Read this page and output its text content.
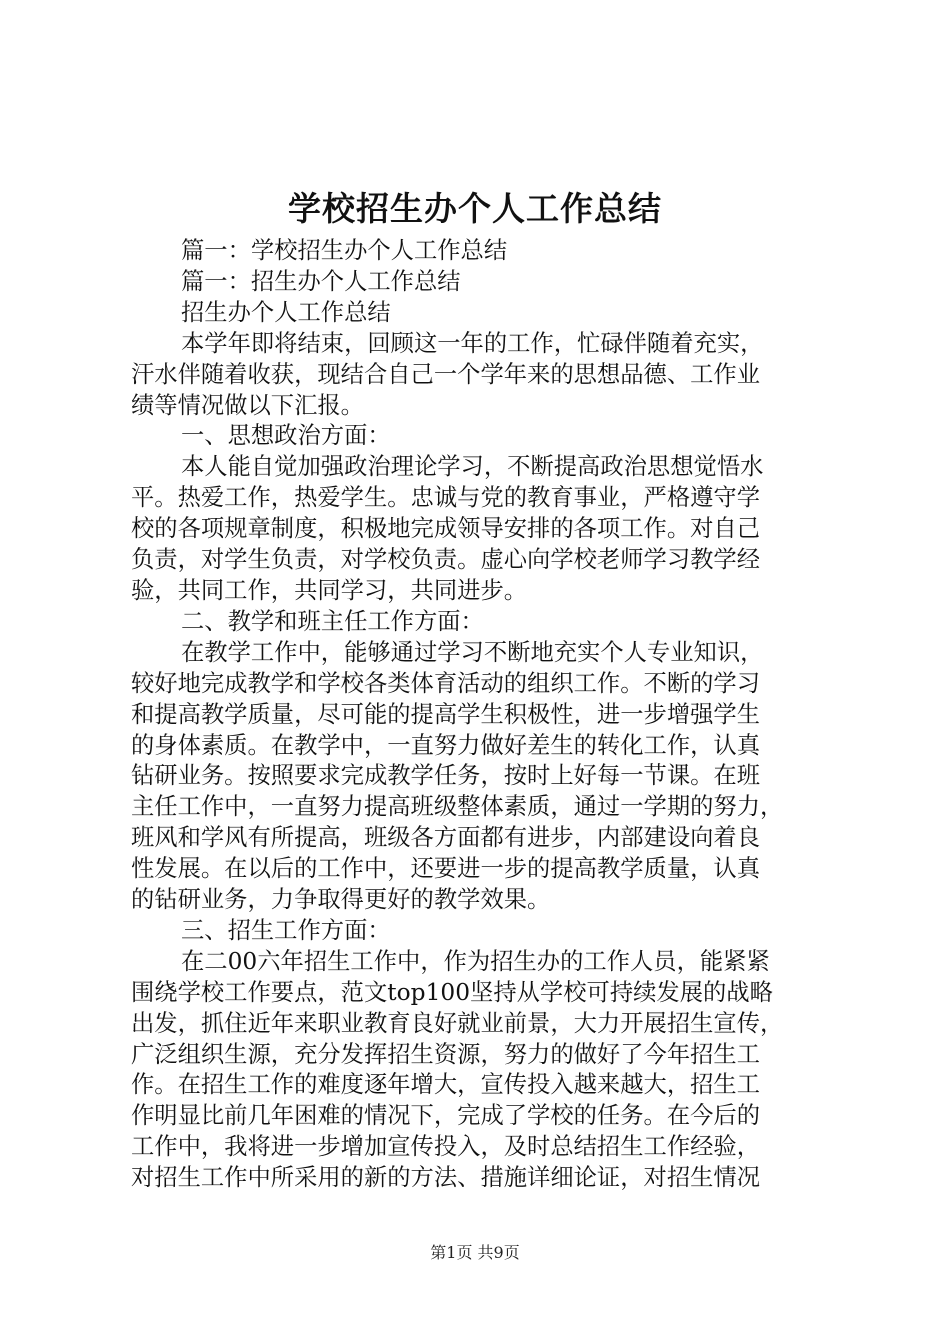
学校招生办个人工作总结

篇一：学校招生办个人工作总结

篇一：招生办个人工作总结

招生办个人工作总结

本学年即将结束，回顾这一年的工作，忙碌伴随着充实，

汗水伴随着收获，现结合自己一个学年来的思想品德、工作业

绩等情况做以下汇报。

一、思想政治方面：

本人能自觉加强政治理论学习，不断提高政治思想觉悟水

平。热爱工作，热爱学生。忠诚与党的教育事业，严格遵守学

校的各项规章制度，积极地完成领导安排的各项工作。对自己

负责，对学生负责，对学校负责。虚心向学校老师学习教学经

验，共同工作，共同学习，共同进步。

二、教学和班主任工作方面：

在教学工作中，能够通过学习不断地充实个人专业知识，

较好地完成教学和学校各类体育活动的组织工作。不断的学习

和提高教学质量，尽可能的提高学生积极性，进一步增强学生

的身体素质。在教学中，一直努力做好差生的转化工作，认真

钻研业务。按照要求完成教学任务，按时上好每一节课。在班

主任工作中，一直努力提高班级整体素质，通过一学期的努力，

班风和学风有所提高，班级各方面都有进步，内部建设向着良

性发展。在以后的工作中，还要进一步的提高教学质量，认真

的钻研业务，力争取得更好的教学效果。

三、招生工作方面：

在二00六年招生工作中，作为招生办的工作人员，能紧紧

围绕学校工作要点，范文top100坚持从学校可持续发展的战略

出发，抓住近年来职业教育良好就业前景，大力开展招生宣传，

广泛组织生源，充分发挥招生资源，努力的做好了今年招生工

作。在招生工作的难度逐年增大，宣传投入越来越大，招生工

作明显比前几年困难的情况下，完成了学校的任务。在今后的

工作中，我将进一步增加宣传投入，及时总结招生工作经验，

对招生工作中所采用的新的方法、措施详细论证，对招生情况

第1页 共9页
